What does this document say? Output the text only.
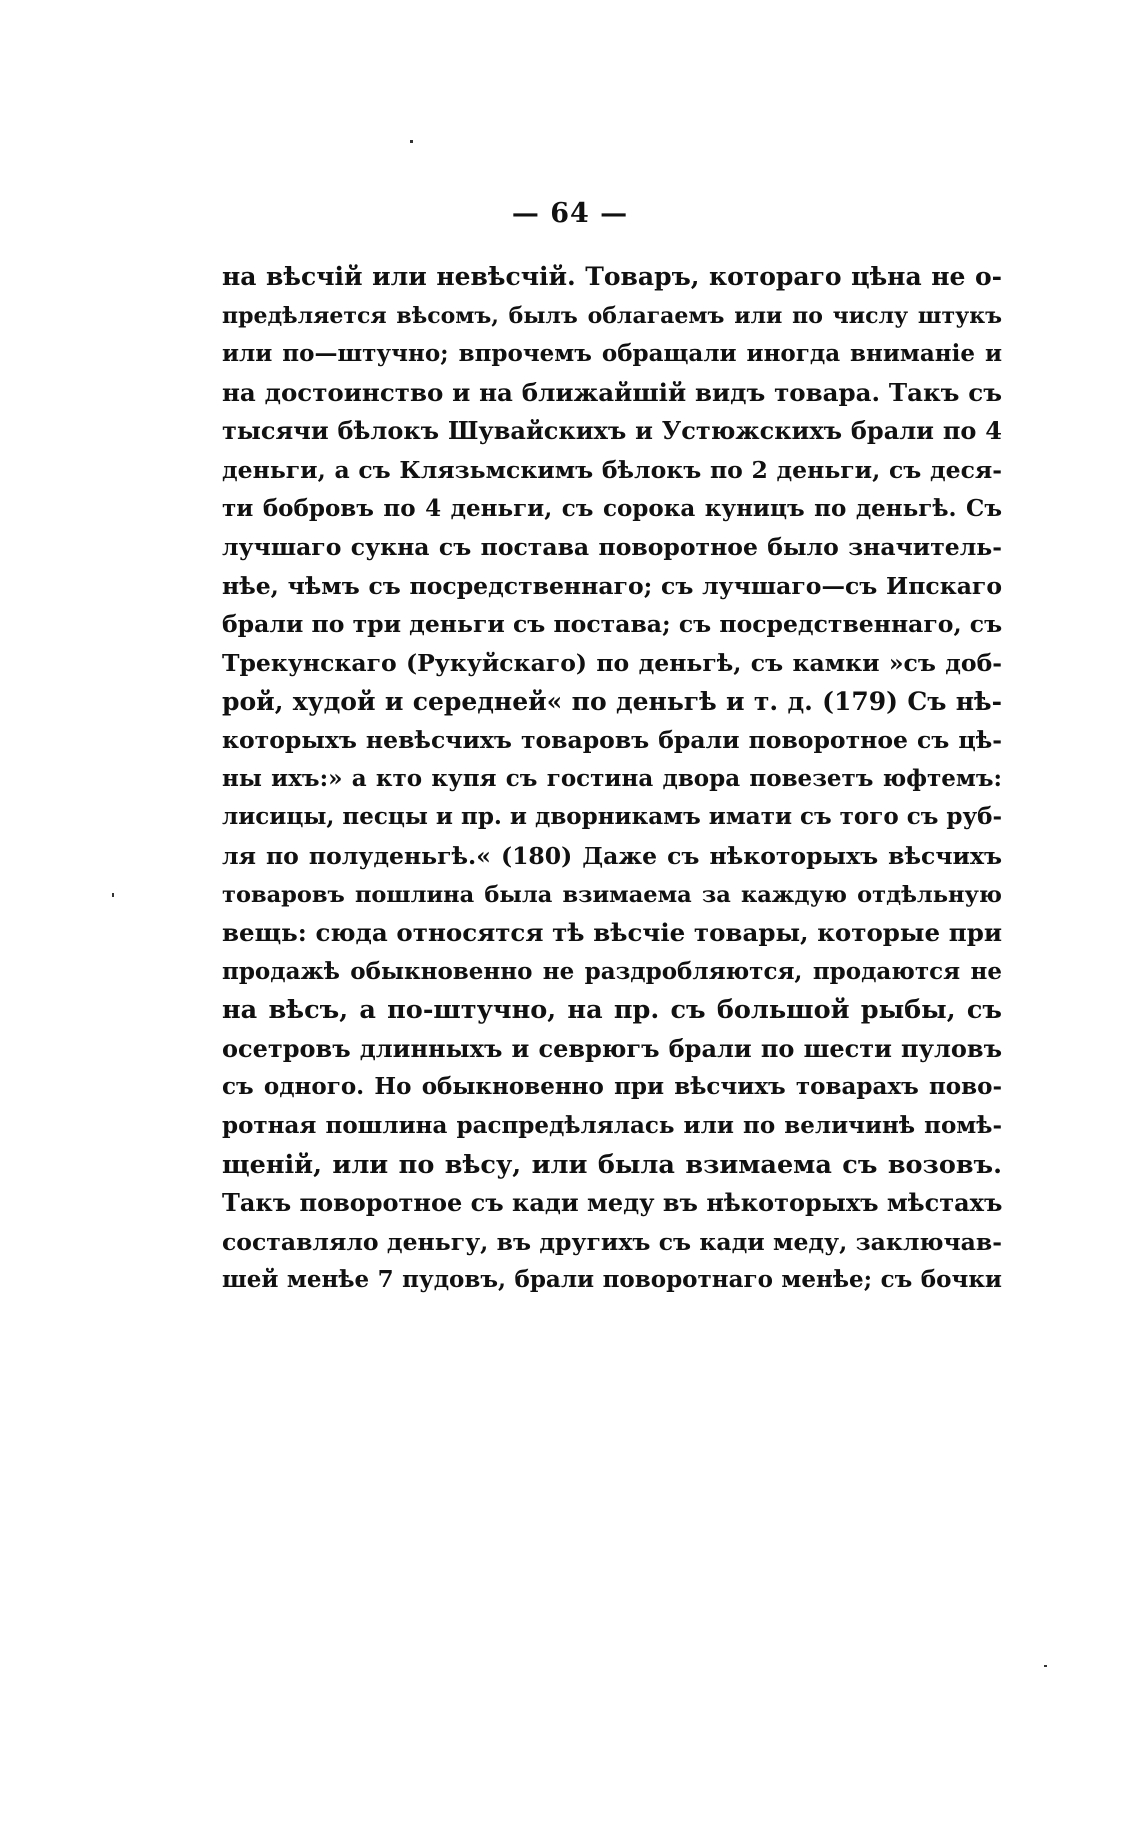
— 64 —
на вѣсчій или невѣсчій. Товаръ, котораго цѣна не о-
предѣляется вѣсомъ, былъ облагаемъ или по числу штукъ
или по—штучно; впрочемъ обращали иногда вниманіе и
на достоинство и на ближайшій видъ товара. Такъ съ
тысячи бѣлокъ Шувайскихъ и Устюжскихъ брали по 4
деньги, а съ Клязьмскимъ бѣлокъ по 2 деньги, съ деся-
ти бобровъ по 4 деньги, съ сорока куницъ по деньгѣ. Съ
лучшаго сукна съ постава поворотное было значитель-
нѣе, чѣмъ съ посредственнаго; съ лучшаго—съ Ипскаго
брали по три деньги съ постава; съ посредственнаго, съ
Трекунскаго (Рукуйскаго) по деньгѣ, съ камки »съ доб-
рой, худой и середней« по деньгѣ и т. д. (179) Съ нѣ-
которыхъ невѣсчихъ товаровъ брали поворотное съ цѣ-
ны ихъ:» а кто купя съ гостина двора повезетъ юфтемъ:
лисицы, песцы и пр. и дворникамъ имати съ того съ руб-
ля по полуденьгѣ.« (180) Даже съ нѣкоторыхъ вѣсчихъ
товаровъ пошлина была взимаема за каждую отдѣльную
вещь: сюда относятся тѣ вѣсчіе товары, которые при
продажѣ обыкновенно не раздробляются, продаются не
на вѣсъ, а по-штучно, на пр. съ большой рыбы, съ
осетровъ длинныхъ и севрюгъ брали по шести пуловъ
съ одного. Но обыкновенно при вѣсчихъ товарахъ пово-
ротная пошлина распредѣлялась или по величинѣ помѣ-
щеній, или по вѣсу, или была взимаема съ возовъ.
Такъ поворотное съ кади меду въ нѣкоторыхъ мѣстахъ
составляло деньгу, въ другихъ съ кади меду, заключав-
шей менѣе 7 пудовъ, брали поворотнаго менѣе; съ бочки
